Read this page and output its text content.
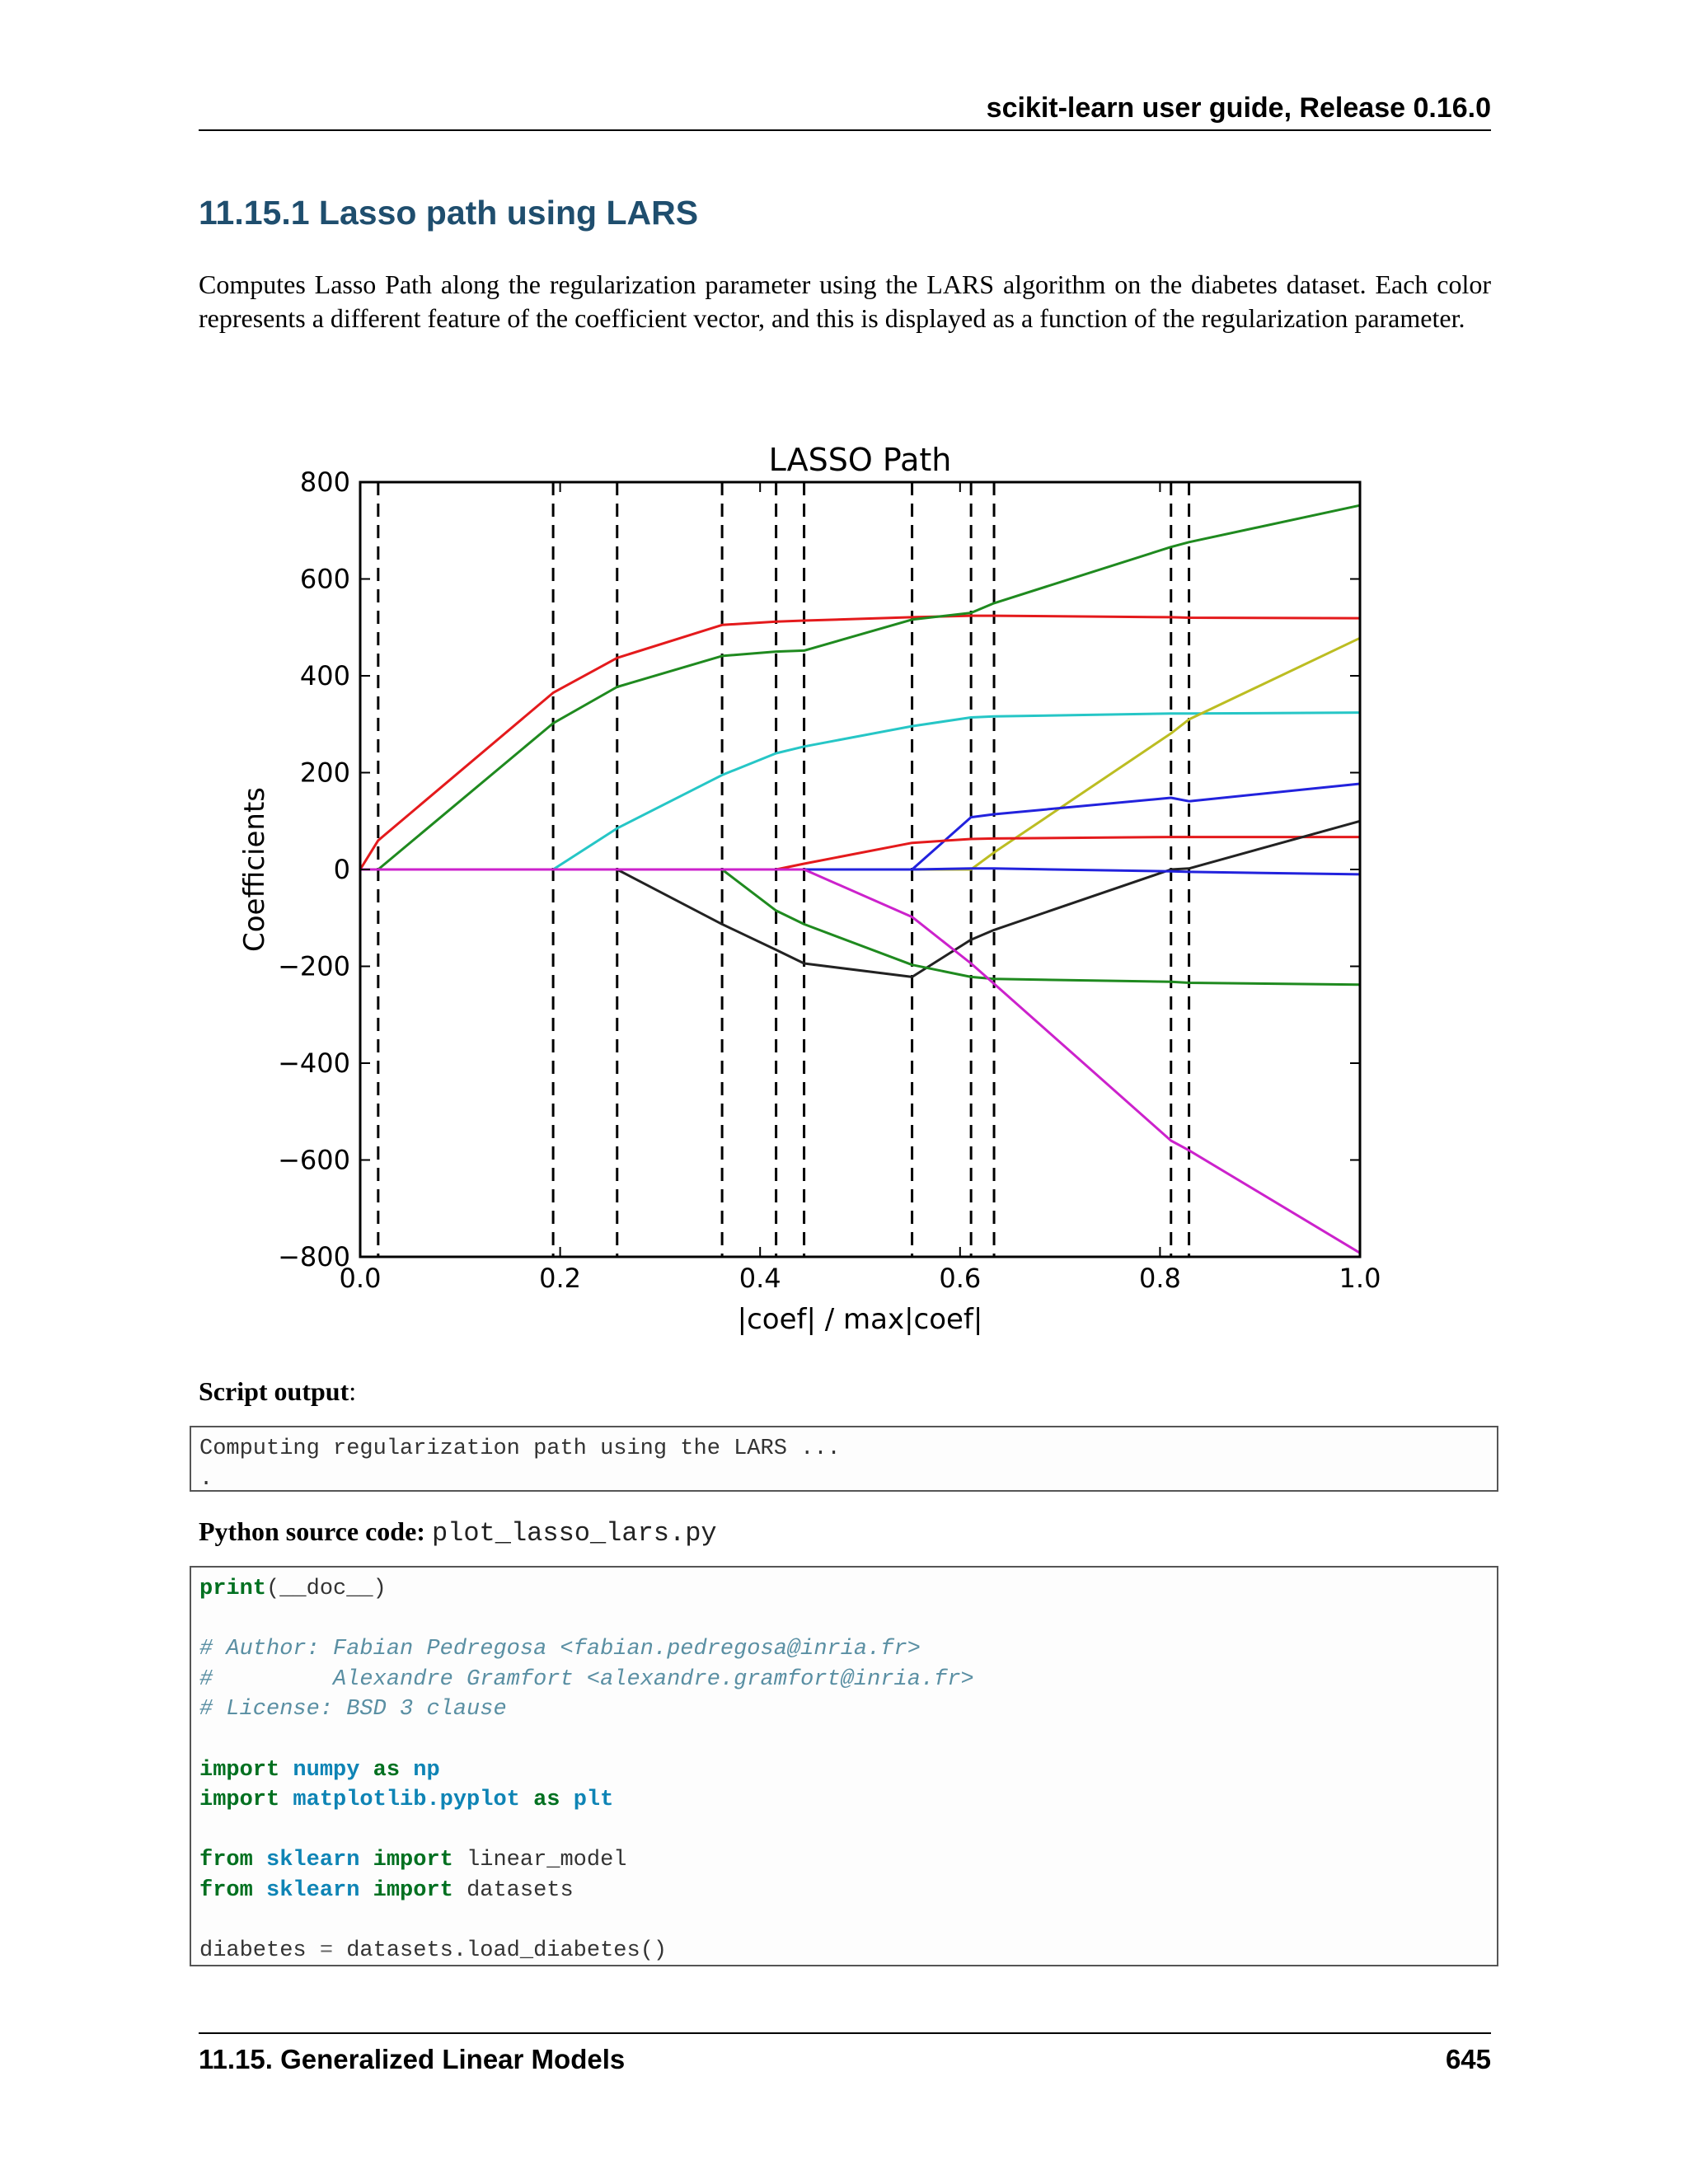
scikit-learn user guide, Release 0.16.0
11.15.1 Lasso path using LARS

Computes Lasso Path along the regularization parameter using the LARS algorithm on the diabetes dataset. Each color represents a different feature of the coefficient vector, and this is displayed as a function of the regularization parameter.

0.0	0.2	0.4	0.6	0.8	1.0
800
600
400
200
0
−200
−400
−600
−800
LASSO Path
|coef| / max|coef|
Coefficients
Script output:
Computing regularization path using the LARS ...
.
Python source code: plot_lasso_lars.py
print(__doc__)

# Author: Fabian Pedregosa <fabian.pedregosa@inria.fr>
#         Alexandre Gramfort <alexandre.gramfort@inria.fr>
# License: BSD 3 clause

import numpy as np
import matplotlib.pyplot as plt

from sklearn import linear_model
from sklearn import datasets

diabetes = datasets.load_diabetes()
11.15. Generalized Linear Models	645
